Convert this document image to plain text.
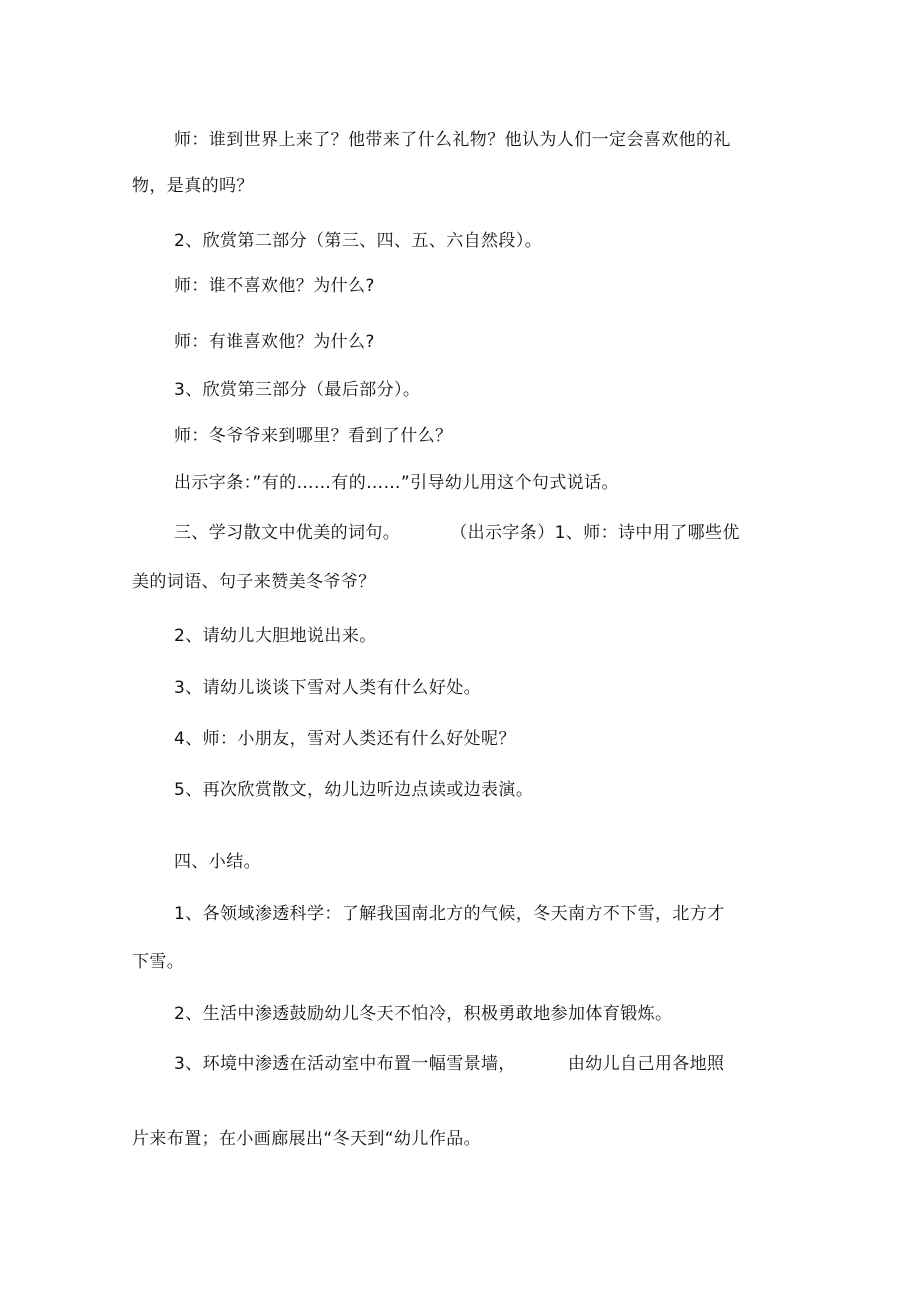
师：谁到世界上来了？他带来了什么礼物？他认为人们一定会喜欢他的礼
物，是真的吗？
2、欣赏第二部分（第三、四、五、六自然段）。
师：谁不喜欢他？为什么?
师：有谁喜欢他？为什么?
3、欣赏第三部分（最后部分）。
师：冬爷爷来到哪里？看到了什么？
出示字条：”有的……有的……”引导幼儿用这个句式说话。
三、学习散文中优美的词句。	（出示字条）1、师：诗中用了哪些优
美的词语、句子来赞美冬爷爷？
2、请幼儿大胆地说出来。
3、请幼儿谈谈下雪对人类有什么好处。
4、师：小朋友，雪对人类还有什么好处呢？
5、再次欣赏散文，幼儿边听边点读或边表演。
四、小结。
1、各领域渗透科学：了解我国南北方的气候，冬天南方不下雪，北方才
下雪。
2、生活中渗透鼓励幼儿冬天不怕冷，积极勇敢地参加体育锻炼。
3、环境中渗透在活动室中布置一幅雪景墙，	由幼儿自己用各地照
片来布置；在小画廊展出“冬天到“幼儿作品。
